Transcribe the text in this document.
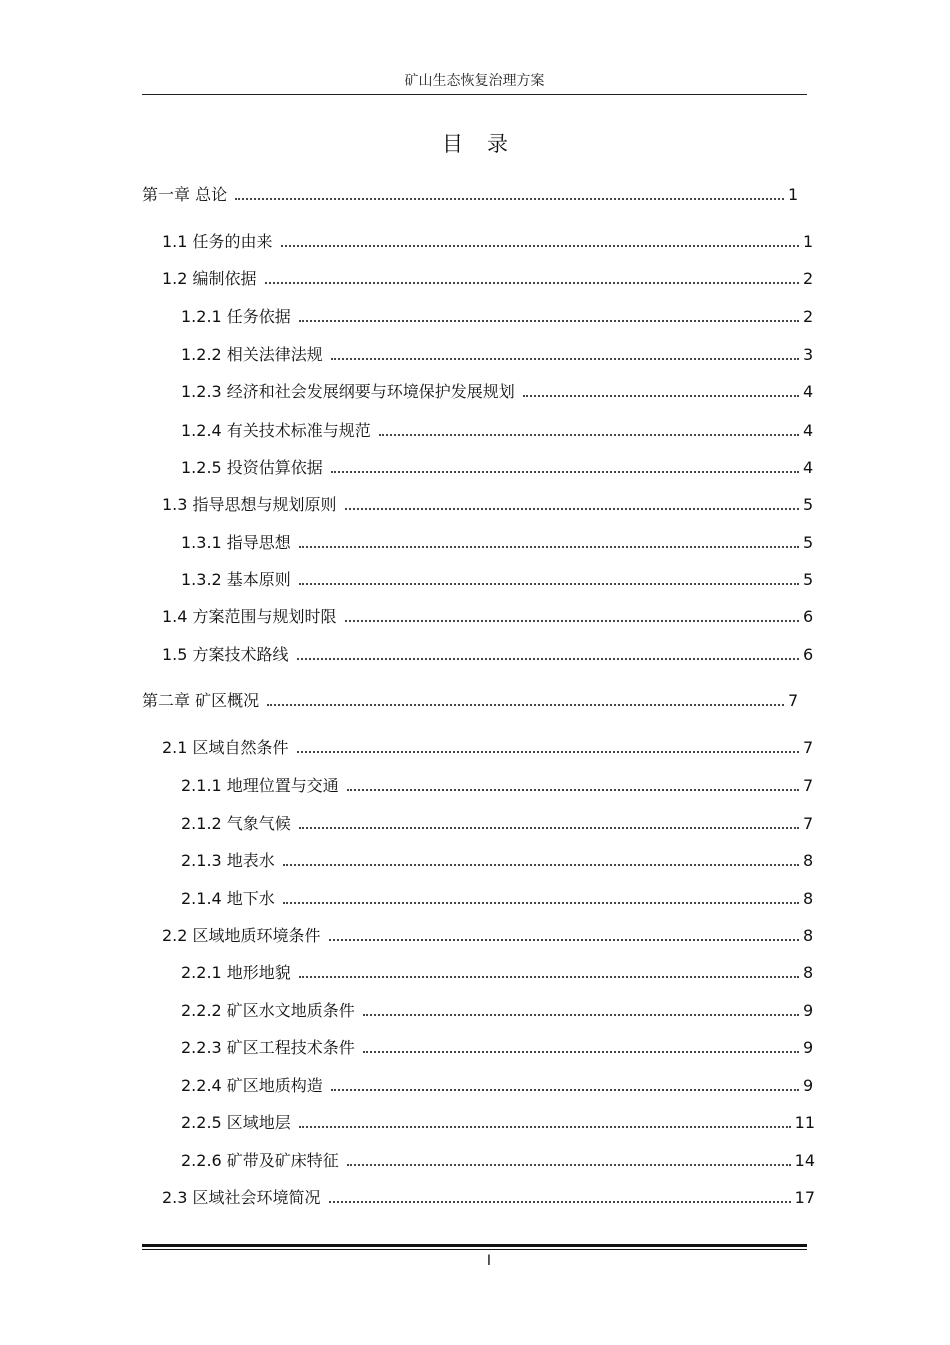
矿山生态恢复治理方案
目录
第一章 总论	1
1.1 任务的由来	1
1.2 编制依据	2
1.2.1 任务依据	2
1.2.2 相关法律法规	3
1.2.3 经济和社会发展纲要与环境保护发展规划	4
1.2.4 有关技术标准与规范	4
1.2.5 投资估算依据	4
1.3 指导思想与规划原则	5
1.3.1 指导思想	5
1.3.2 基本原则	5
1.4 方案范围与规划时限	6
1.5 方案技术路线	6
第二章 矿区概况	7
2.1 区域自然条件	7
2.1.1 地理位置与交通	7
2.1.2 气象气候	7
2.1.3 地表水	8
2.1.4 地下水	8
2.2 区域地质环境条件	8
2.2.1 地形地貌	8
2.2.2 矿区水文地质条件	9
2.2.3 矿区工程技术条件	9
2.2.4 矿区地质构造	9
2.2.5 区域地层	11
2.2.6 矿带及矿床特征	14
2.3 区域社会环境简况	17
I
